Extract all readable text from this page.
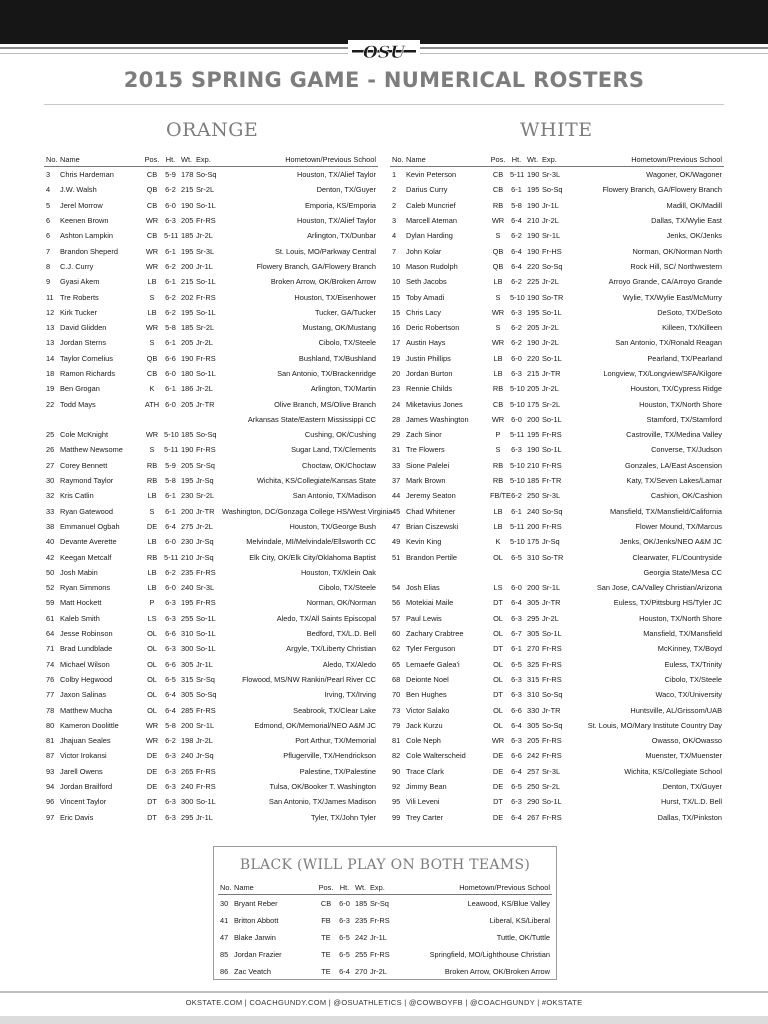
OSU
2015 SPRING GAME - NUMERICAL ROSTERS
ORANGE	WHITE
No.	Name	Pos.	Ht.	Wt.	Exp.	Hometown/Previous School
3	Chris Hardeman	CB	5-9	178	So-Sq	Houston, TX/Alief Taylor
4	J.W. Walsh	QB	6-2	215	Sr-2L	Denton, TX/Guyer
5	Jerel Morrow	CB	6-0	190	So-1L	Emporia, KS/Emporia
6	Keenen Brown	WR	6-3	205	Fr-RS	Houston, TX/Alief Taylor
6	Ashton Lampkin	CB	5-11	185	Jr-2L	Arlington, TX/Dunbar
7	Brandon Sheperd	WR	6-1	195	Sr-3L	St. Louis, MO/Parkway Central
8	C.J. Curry	WR	6-2	200	Jr-1L	Flowery Branch, GA/Flowery Branch
9	Gyasi Akem	LB	6-1	215	So-1L	Broken Arrow, OK/Broken Arrow
11	Tre Roberts	S	6-2	202	Fr-RS	Houston, TX/Eisenhower
12	Kirk Tucker	LB	6-2	195	So-1L	Tucker, GA/Tucker
13	David Glidden	WR	5-8	185	Sr-2L	Mustang, OK/Mustang
13	Jordan Sterns	S	6-1	205	Jr-2L	Cibolo, TX/Steele
14	Taylor Cornelius	QB	6-6	190	Fr-RS	Bushland, TX/Bushland
18	Ramon Richards	CB	6-0	180	So-1L	San Antonio, TX/Brackenridge
19	Ben Grogan	K	6-1	186	Jr-2L	Arlington, TX/Martin
22	Todd Mays	ATH	6-0	205	Jr-TR	Olive Branch, MS/Olive Branch
						Arkansas State/Eastern Mississippi CC
25	Cole McKnight	WR	5-10	185	So-Sq	Cushing, OK/Cushing
26	Matthew Newsome	S	5-11	190	Fr-RS	Sugar Land, TX/Clements
27	Corey Bennett	RB	5-9	205	Sr-Sq	Choctaw, OK/Choctaw
30	Raymond Taylor	RB	5-8	195	Jr-Sq	Wichita, KS/Collegiate/Kansas State
32	Kris Catlin	LB	6-1	230	Sr-2L	San Antonio, TX/Madison
33	Ryan Gatewood	S	6-1	200	Jr-TR	Washington, DC/Gonzaga College HS/West Virginia
38	Emmanuel Ogbah	DE	6-4	275	Jr-2L	Houston, TX/George Bush
40	Devante Averette	LB	6-0	230	Jr-Sq	Melvindale, MI/Melvindale/Ellsworth CC
42	Keegan Metcalf	RB	5-11	210	Jr-Sq	Elk City, OK/Elk City/Oklahoma Baptist
50	Josh Mabin	LB	6-2	235	Fr-RS	Houston, TX/Klein Oak
52	Ryan Simmons	LB	6-0	240	Sr-3L	Cibolo, TX/Steele
59	Matt Hockett	P	6-3	195	Fr-RS	Norman, OK/Norman
61	Kaleb Smith	LS	6-3	255	So-1L	Aledo, TX/All Saints Episcopal
64	Jesse Robinson	OL	6-6	310	So-1L	Bedford, TX/L.D. Bell
71	Brad Lundblade	OL	6-3	300	So-1L	Argyle, TX/Liberty Christian
74	Michael Wilson	OL	6-6	305	Jr-1L	Aledo, TX/Aledo
76	Colby Hegwood	OL	6-5	315	Sr-Sq	Flowood, MS/NW Rankin/Pearl River CC
77	Jaxon Salinas	OL	6-4	305	So-Sq	Irving, TX/Irving
78	Matthew Mucha	OL	6-4	285	Fr-RS	Seabrook, TX/Clear Lake
80	Kameron Doolittle	WR	5-8	200	Sr-1L	Edmond, OK/Memorial/NEO A&M JC
81	Jhajuan Seales	WR	6-2	198	Jr-2L	Port Arthur, TX/Memorial
87	Victor Irokansi	DE	6-3	240	Jr-Sq	Pflugerville, TX/Hendrickson
93	Jarell Owens	DE	6-3	265	Fr-RS	Palestine, TX/Palestine
94	Jordan Brailford	DE	6-3	240	Fr-RS	Tulsa, OK/Booker T. Washington
96	Vincent Taylor	DT	6-3	300	So-1L	San Antonio, TX/James Madison
97	Eric Davis	DT	6-3	295	Jr-1L	Tyler, TX/John Tyler
No.	Name	Pos.	Ht.	Wt.	Exp.	Hometown/Previous School
1	Kevin Peterson	CB	5-11	190	Sr-3L	Wagoner, OK/Wagoner
2	Darius Curry	CB	6-1	195	So-Sq	Flowery Branch, GA/Flowery Branch
2	Caleb Muncrief	RB	5-8	190	Jr-1L	Madill, OK/Madill
3	Marcell Ateman	WR	6-4	210	Jr-2L	Dallas, TX/Wylie East
4	Dylan Harding	S	6-2	190	Sr-1L	Jenks, OK/Jenks
7	John Kolar	QB	6-4	190	Fr-HS	Norman, OK/Norman North
10	Mason Rudolph	QB	6-4	220	So-Sq	Rock Hill, SC/ Northwestern
10	Seth Jacobs	LB	6-2	225	Jr-2L	Arroyo Grande, CA/Arroyo Grande
15	Toby Amadi	S	5-10	190	So-TR	Wylie, TX/Wylie East/McMurry
15	Chris Lacy	WR	6-3	195	So-1L	DeSoto, TX/DeSoto
16	Deric Robertson	S	6-2	205	Jr-2L	Killeen, TX/Killeen
17	Austin Hays	WR	6-2	190	Jr-2L	San Antonio, TX/Ronald Reagan
19	Justin Phillips	LB	6-0	220	So-1L	Pearland, TX/Pearland
20	Jordan Burton	LB	6-3	215	Jr-TR	Longview, TX/Longview/SFA/Kilgore
23	Rennie Childs	RB	5-10	205	Jr-2L	Houston, TX/Cypress Ridge
24	Miketavius Jones	CB	5-10	175	Sr-2L	Houston, TX/North Shore
28	James Washington	WR	6-0	200	So-1L	Stamford, TX/Stamford
29	Zach Sinor	P	5-11	195	Fr-RS	Castroville, TX/Medina Valley
31	Tre Flowers	S	6-3	190	So-1L	Converse, TX/Judson
33	Sione Palelei	RB	5-10	210	Fr-RS	Gonzales, LA/East Ascension
37	Mark Brown	RB	5-10	185	Fr-TR	Katy, TX/Seven Lakes/Lamar
44	Jeremy Seaton	FB/TE	6-2	250	Sr-3L	Cashion, OK/Cashion
45	Chad Whitener	LB	6-1	240	So-Sq	Mansfield, TX/Mansfield/California
47	Brian Ciszewski	LB	5-11	200	Fr-RS	Flower Mound, TX/Marcus
49	Kevin King	K	5-10	175	Jr-Sq	Jenks, OK/Jenks/NEO A&M JC
51	Brandon Pertile	OL	6-5	310	So-TR	Clearwater, FL/Countryside
						Georgia State/Mesa CC
54	Josh Elias	LS	6-0	200	Sr-1L	San Jose, CA/Valley Christian/Arizona
56	Motekiai Maile	DT	6-4	305	Jr-TR	Euless, TX/Pittsburg HS/Tyler JC
57	Paul Lewis	OL	6-3	295	Jr-2L	Houston, TX/North Shore
60	Zachary Crabtree	OL	6-7	305	So-1L	Mansfield, TX/Mansfield
62	Tyler Ferguson	DT	6-1	270	Fr-RS	McKinney, TX/Boyd
65	Lemaefe Galea'i	OL	6-5	325	Fr-RS	Euless, TX/Trinity
68	Deionte Noel	OL	6-3	315	Fr-RS	Cibolo, TX/Steele
70	Ben Hughes	DT	6-3	310	So-Sq	Waco, TX/University
73	Victor Salako	OL	6-6	330	Jr-TR	Huntsville, AL/Grissom/UAB
79	Jack Kurzu	OL	6-4	305	So-Sq	St. Louis, MO/Mary Institute Country Day
81	Cole Neph	WR	6-3	205	Fr-RS	Owasso, OK/Owasso
82	Cole Walterscheid	DE	6-6	242	Fr-RS	Muenster, TX/Muenster
90	Trace Clark	DE	6-4	257	Sr-3L	Wichita, KS/Collegiate School
92	Jimmy Bean	DE	6-5	250	Sr-2L	Denton, TX/Guyer
95	Vili Leveni	DT	6-3	290	So-1L	Hurst, TX/L.D. Bell
99	Trey Carter	DE	6-4	267	Fr-RS	Dallas, TX/Pinkston
BLACK (WILL PLAY ON BOTH TEAMS)
No.	Name	Pos.	Ht.	Wt.	Exp.	Hometown/Previous School
30	Bryant Reber	CB	6-0	185	Sr-Sq	Leawood, KS/Blue Valley
41	Britton Abbott	FB	6-3	235	Fr-RS	Liberal, KS/Liberal
47	Blake Jarwin	TE	6-5	242	Jr-1L	Tuttle, OK/Tuttle
85	Jordan Frazier	TE	6-5	255	Fr-RS	Springfield, MO/Lighthouse Christian
86	Zac Veatch	TE	6-4	270	Jr-2L	Broken Arrow, OK/Broken Arrow
OKSTATE.COM | COACHGUNDY.COM | @OSUATHLETICS | @COWBOYFB | @COACHGUNDY | #OKSTATE
